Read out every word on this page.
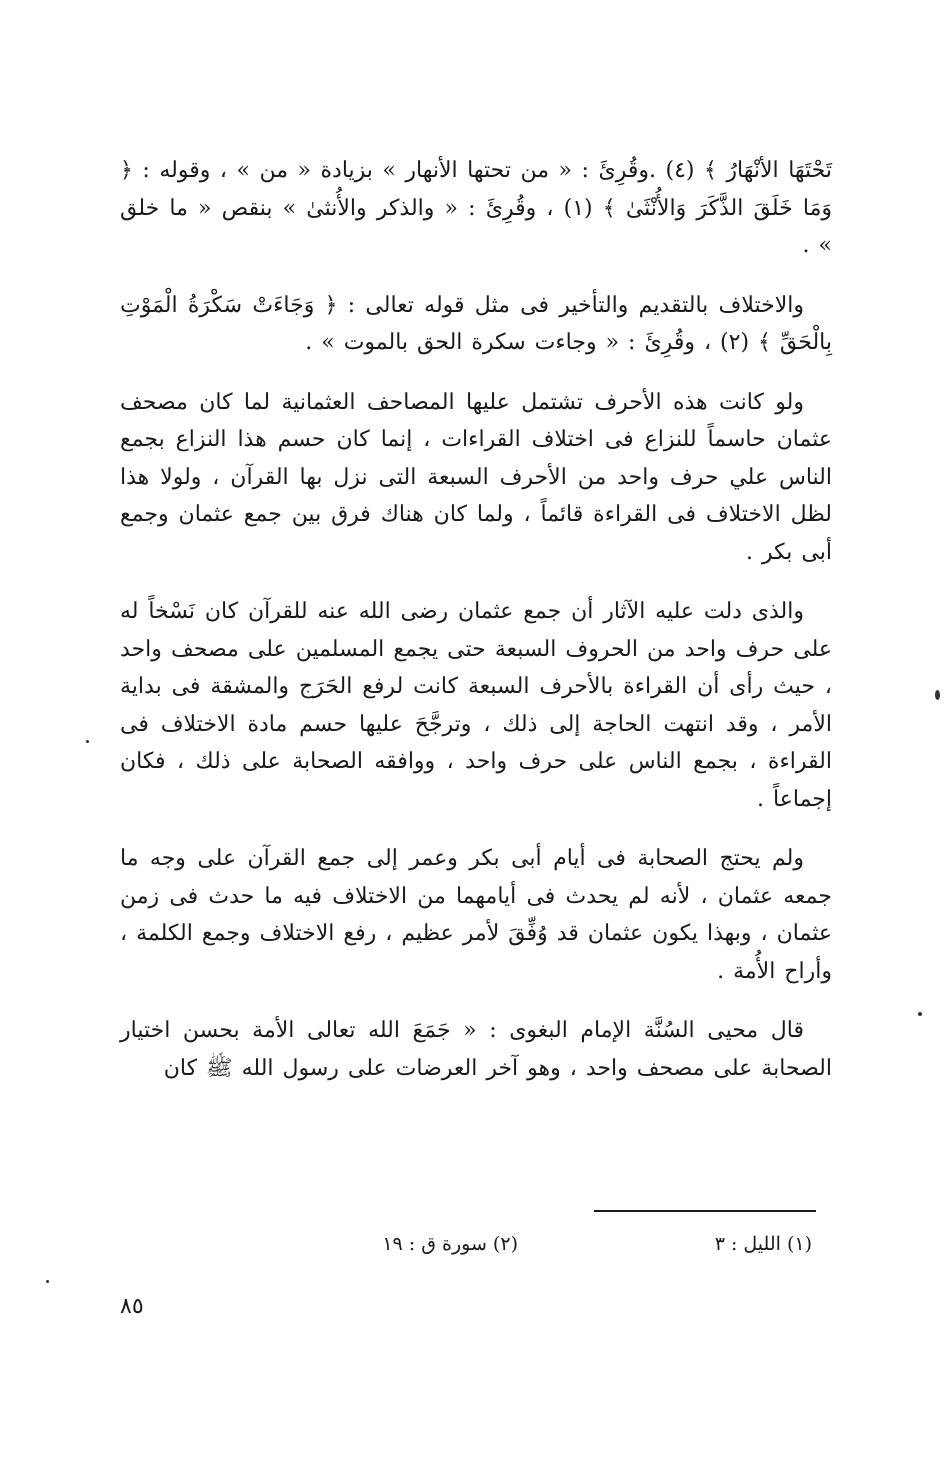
تَحْتَهَا الأنْهَارُ ﴾ (٤) .وقُرِئَ : « من تحتها الأنهار » بزيادة « من » ، وقوله : ﴿ وَمَا خَلَقَ الذَّكَرَ وَالأُنْثَىٰ ﴾ (١) ، وقُرِئَ : « والذكر والأُنثىٰ » بنقص « ما خلق » .

والاختلاف بالتقديم والتأخير فى مثل قوله تعالى : ﴿ وَجَاءَتْ سَكْرَةُ الْمَوْتِ بِالْحَقِّ ﴾ (٢) ، وقُرِئَ : « وجاءت سكرة الحق بالموت » .

ولو كانت هذه الأحرف تشتمل عليها المصاحف العثمانية لما كان مصحف عثمان حاسماً للنزاع فى اختلاف القراءات ، إنما كان حسم هذا النزاع بجمع الناس علي حرف واحد من الأحرف السبعة التى نزل بها القرآن ، ولولا هذا لظل الاختلاف فى القراءة قائماً ، ولما كان هناك فرق بين جمع عثمان وجمع أبى بكر .

والذى دلت عليه الآثار أن جمع عثمان رضى الله عنه للقرآن كان نَسْخاً له على حرف واحد من الحروف السبعة حتى يجمع المسلمين على مصحف واحد ، حيث رأى أن القراءة بالأحرف السبعة كانت لرفع الحَرَج والمشقة فى بداية الأمر ، وقد انتهت الحاجة إلى ذلك ، وترجَّحَ عليها حسم مادة الاختلاف فى القراءة ، بجمع الناس على حرف واحد ، ووافقه الصحابة على ذلك ، فكان إجماعاً .

ولم يحتج الصحابة فى أيام أبى بكر وعمر إلى جمع القرآن على وجه ما جمعه عثمان ، لأنه لم يحدث فى أيامهما من الاختلاف فيه ما حدث فى زمن عثمان ، وبهذا يكون عثمان قد وُفِّقَ لأمر عظيم ، رفع الاختلاف وجمع الكلمة ، وأراح الأُمة .

قال محيى السُنَّة الإمام البغوى : « جَمَعَ الله تعالى الأمة بحسن اختيار الصحابة على مصحف واحد ، وهو آخر العرضات على رسول الله ﷺ كان

(١) الليل : ٣
(٢) سورة ق : ١٩
٨٥
